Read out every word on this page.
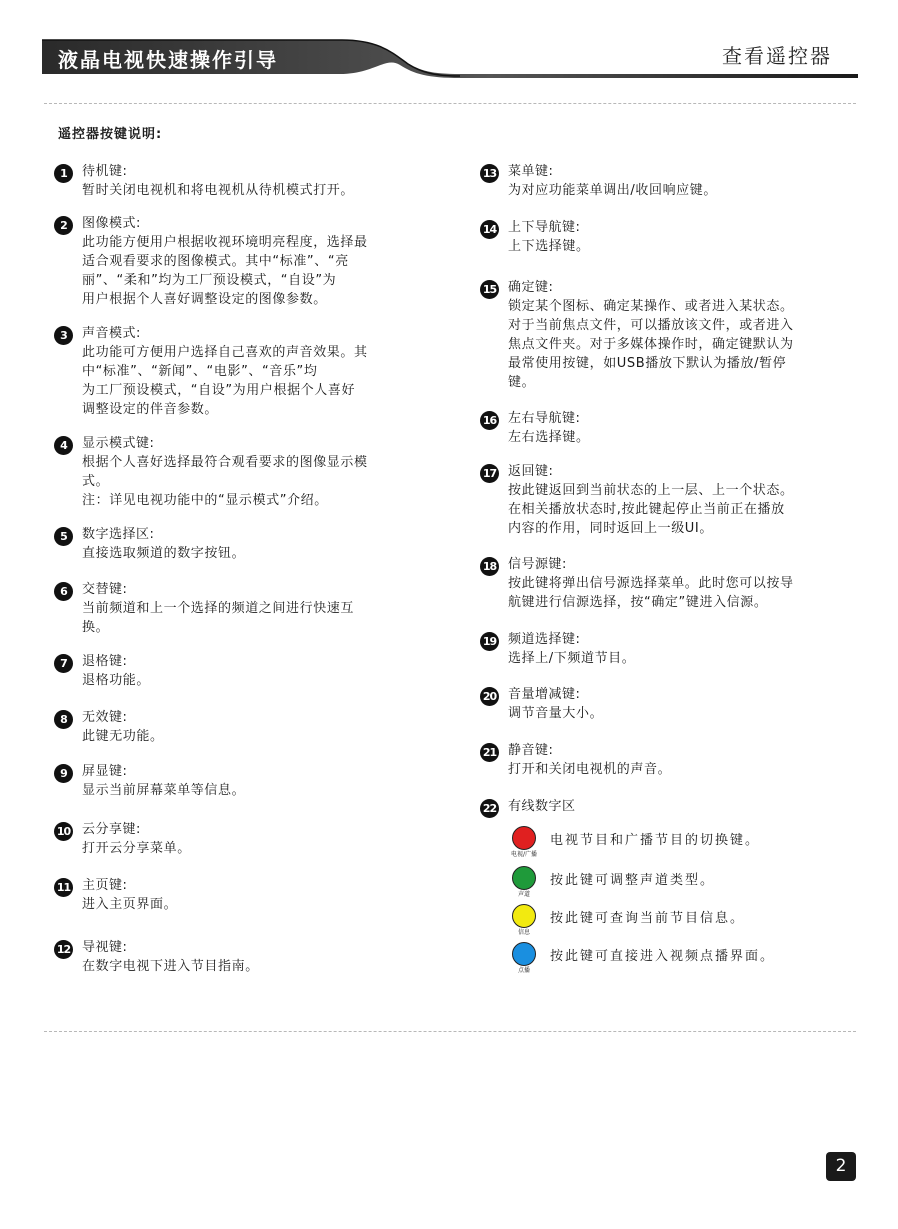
液晶电视快速操作引导	查看遥控器
遥控器按键说明:
1	待机键:
暂时关闭电视机和将电视机从待机模式打开。
2	图像模式:
此功能方便用户根据收视环境明亮程度，选择最
适合观看要求的图像模式。其中“标准”、“亮
丽”、“柔和”均为工厂预设模式，“自设”为
用户根据个人喜好调整设定的图像参数。
3	声音模式:
此功能可方便用户选择自己喜欢的声音效果。其
中“标准”、“新闻”、“电影”、“音乐”均
为工厂预设模式，“自设”为用户根据个人喜好
调整设定的伴音参数。
4	显示模式键:
根据个人喜好选择最符合观看要求的图像显示模
式。
注：详见电视功能中的“显示模式”介绍。
5	数字选择区:
直接选取频道的数字按钮。
6	交替键:
当前频道和上一个选择的频道之间进行快速互
换。
7	退格键:
退格功能。
8	无效键:
此键无功能。
9	屏显键:
显示当前屏幕菜单等信息。
10 云分享键:
打开云分享菜单。
11 主页键:
进入主页界面。
12 导视键:
在数字电视下进入节目指南。
13 菜单键:
为对应功能菜单调出/收回响应键。
14 上下导航键:
上下选择键。
15 确定键:
锁定某个图标、确定某操作、或者进入某状态。
对于当前焦点文件，可以播放该文件，或者进入
焦点文件夹。对于多媒体操作时，确定键默认为
最常使用按键，如USB播放下默认为播放/暂停
键。
16 左右导航键:
左右选择键。
17 返回键:
按此键返回到当前状态的上一层、上一个状态。
在相关播放状态时,按此键起停止当前正在播放
内容的作用，同时返回上一级UI。
18 信号源键:
按此键将弹出信号源选择菜单。此时您可以按导
航键进行信源选择，按“确定”键进入信源。
19 频道选择键:
选择上/下频道节目。
20 音量增减键:
调节音量大小。
21 静音键:
打开和关闭电视机的声音。
22 有线数字区
电视/广播
电视节目和广播节目的切换键。
声道
按此键可调整声道类型。
信息
按此键可查询当前节目信息。
点播
按此键可直接进入视频点播界面。
2
